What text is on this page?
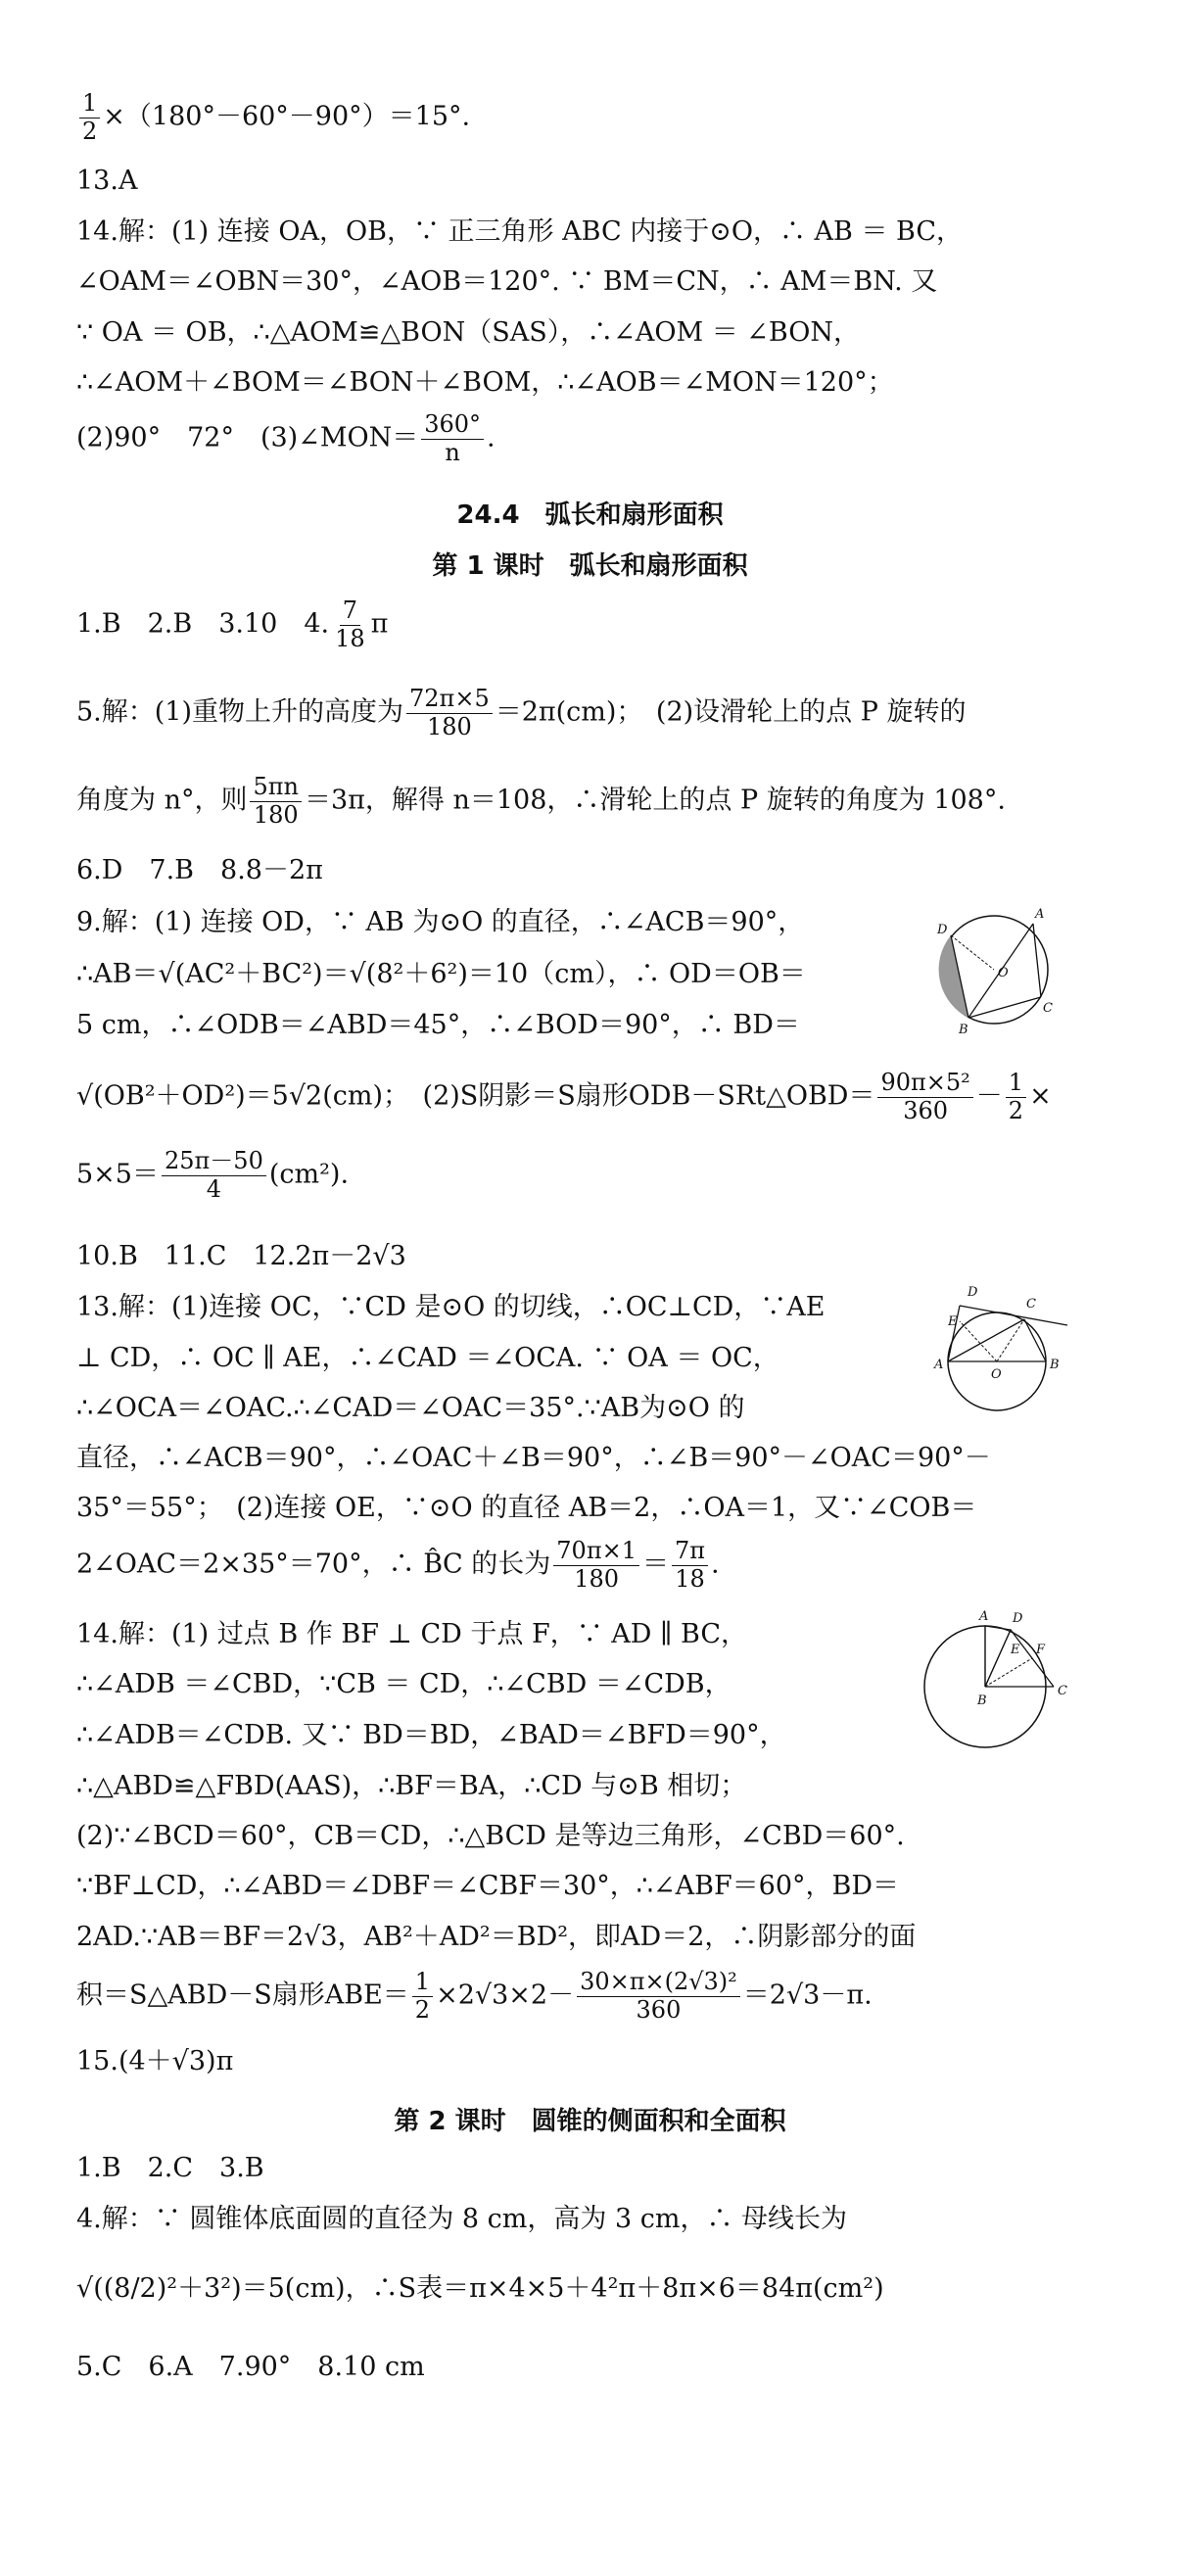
$\frac{1}{2} \times(180^\circ-60^\circ-90^\circ)=15^\circ$.
13.A
14.解：(1) 连接 OA，OB，∵ 正三角形 ABC 内接于⊙O，∴ AB ＝ BC，
∠OAM＝∠OBN＝30°，∠AOB＝120°. ∵ BM＝CN，∴ AM＝BN. 又
∵ OA ＝ OB，∴△AOM≌△BON（SAS），∴∠AOM ＝ ∠BON，
∴∠AOM＋∠BOM＝∠BON＋∠BOM，∴∠AOB＝∠MON＝120°；
(2)90°　72°　(3)∠MON＝ $\frac{360^\circ}{n}$ .
24.4　弧长和扇形面积
第 1 课时　弧长和扇形面积
1.B　2.B　3.10　4. $\frac{7}{18}$ π
5.解：(1)重物上升的高度为 $\frac{72\pi\times 5}{180} =2\pi(cm)$；　(2)设滑轮上的点 P 旋转的
角度为 n°，则 $\frac{5\pi n}{180} =3\pi$，解得 n＝108，∴滑轮上的点 P 旋转的角度为 108°.
6.D　7.B　8.8－2π
9.解：(1) 连接 OD，∵ AB 为⊙O 的直径，∴∠ACB＝90°，
∴AB＝√(AC²＋BC²)＝√(8²＋6²)＝10（cm），∴ OD＝OB＝
5 cm，∴∠ODB＝∠ABD＝45°，∴∠BOD＝90°，∴ BD＝
√(OB²＋OD²)＝5√2(cm)；　(2)S阴影＝S扇形ODB－SRt△OBD＝ $\frac{\text{90π×5²}}{360} - \frac{1}{2}$ ×
$5\times 5= \frac{25\pi-50}{4} (cm^2)$.
10.B　11.C　12.2π－2√3
13.解：(1)连接 OC，∵CD 是⊙O 的切线，∴OC⊥CD，∵AE
⊥ CD，∴ OC ∥ AE，∴∠CAD ＝∠OCA. ∵ OA ＝ OC，
∴∠OCA＝∠OAC.∴∠CAD＝∠OAC＝35°.∵AB为⊙O 的
直径，∴∠ACB＝90°，∴∠OAC＋∠B＝90°，∴∠B＝90°－∠OAC＝90°－
35°＝55°；　(2)连接 OE，∵⊙O 的直径 AB＝2，∴OA＝1，又∵∠COB＝
2∠OAC＝2×35°＝70°，∴ B̂C 的长为 $\frac{70\pi\times 1}{180} = \frac{7\pi}{18}$ .
14.解：(1) 过点 B 作 BF ⊥ CD 于点 F，∵ AD ∥ BC，
∴∠ADB ＝∠CBD，∵CB ＝ CD，∴∠CBD ＝∠CDB，
∴∠ADB＝∠CDB. 又∵ BD＝BD，∠BAD＝∠BFD＝90°，
∴△ABD≌△FBD(AAS)，∴BF＝BA，∴CD 与⊙B 相切；
(2)∵∠BCD＝60°，CB＝CD，∴△BCD 是等边三角形，∠CBD＝60°.
∵BF⊥CD，∴∠ABD＝∠DBF＝∠CBF＝30°，∴∠ABF＝60°，BD＝
2AD.∵AB＝BF＝2√3，AB²＋AD²＝BD²，即AD＝2，∴阴影部分的面
积＝S△ABD－S扇形$ABE= \frac{1}{2} \times 2√3\times 2- \frac{\text{30×π×(2√3)²}}{360} =2√3-\pi$.
15.(4＋√3)π
第 2 课时　圆锥的侧面积和全面积
1.B　2.C　3.B
4.解：∵ 圆锥体底面圆的直径为 8 cm，高为 3 cm，∴ 母线长为
√((8/2)²＋3²)＝5(cm)，∴S表＝π×4×5＋4²π＋8π×6＝84π(cm²)
5.C　6.A　7.90°　8.10 cm
A
D
O
B
C
D
C
E
A
O
B
A D
E F
B
C
